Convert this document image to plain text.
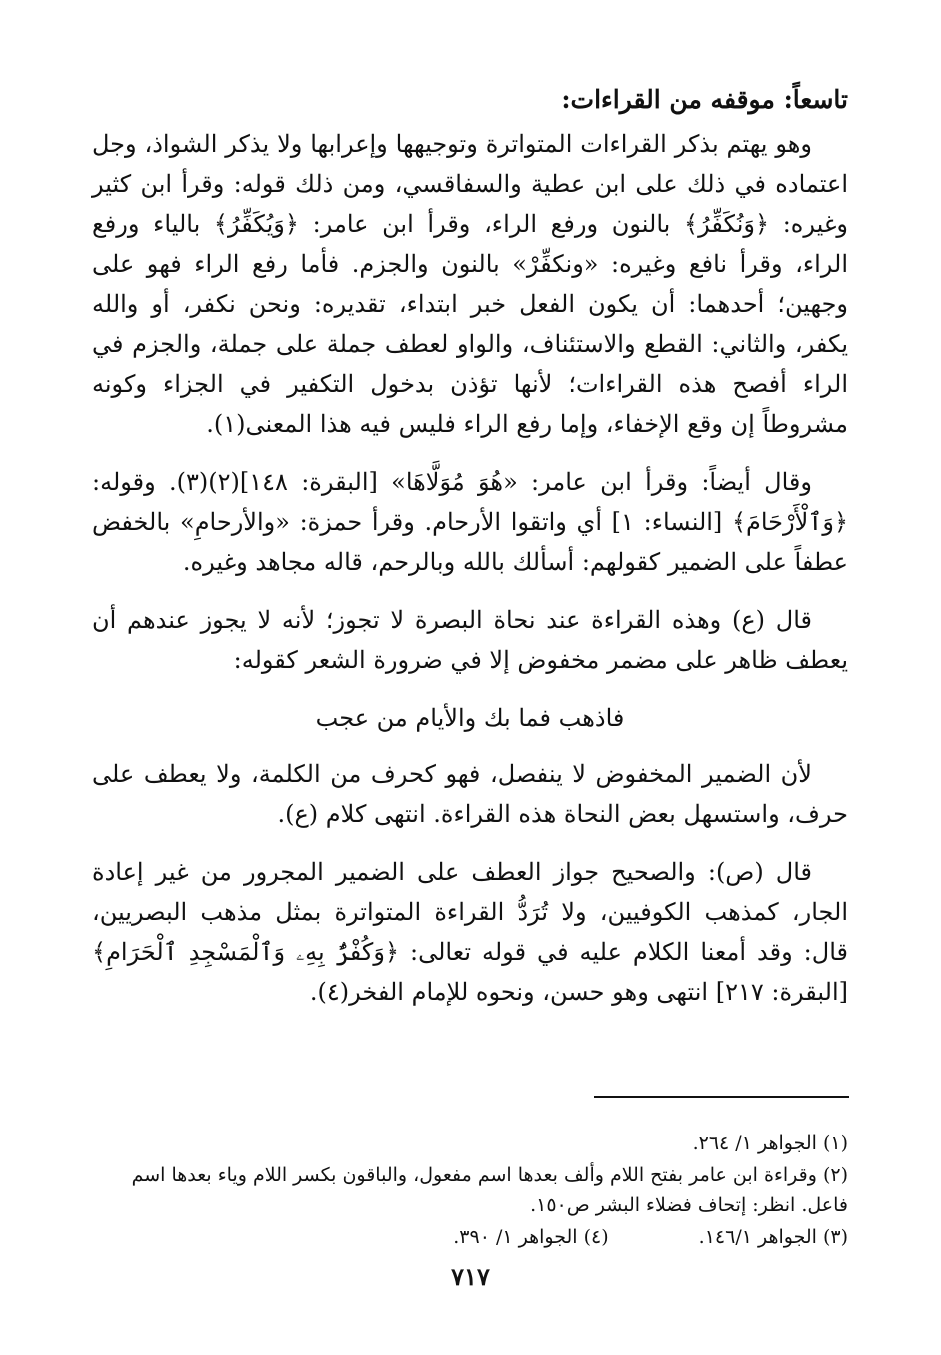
تاسعاً: موقفه من القراءات:

وهو يهتم بذكر القراءات المتواترة وتوجيهها وإعرابها ولا يذكر الشواذ، وجل اعتماده في ذلك على ابن عطية والسفاقسي، ومن ذلك قوله: وقرأ ابن كثير وغيره: ﴿وَنُكَفِّرُ﴾ بالنون ورفع الراء، وقرأ ابن عامر: ﴿وَيُكَفِّرُ﴾ بالياء ورفع الراء، وقرأ نافع وغيره: «ونكفِّرْ» بالنون والجزم. فأما رفع الراء فهو على وجهين؛ أحدهما: أن يكون الفعل خبر ابتداء، تقديره: ونحن نكفر، أو والله يكفر، والثاني: القطع والاستئناف، والواو لعطف جملة على جملة، والجزم في الراء أفصح هذه القراءات؛ لأنها تؤذن بدخول التكفير في الجزاء وكونه مشروطاً إن وقع الإخفاء، وإما رفع الراء فليس فيه هذا المعنى(١).

وقال أيضاً: وقرأ ابن عامر: «هُوَ مُوَلَّاهَا» [البقرة: ١٤٨](٢)(٣). وقوله: ﴿وَٱلْأَرْحَامَ﴾ [النساء: ١] أي واتقوا الأرحام. وقرأ حمزة: «والأرحامِ» بالخفض عطفاً على الضمير كقولهم: أسألك بالله وبالرحم، قاله مجاهد وغيره.

قال (ع) وهذه القراءة عند نحاة البصرة لا تجوز؛ لأنه لا يجوز عندهم أن يعطف ظاهر على مضمر مخفوض إلا في ضرورة الشعر كقوله:

فاذهب فما بك والأيام من عجب

لأن الضمير المخفوض لا ينفصل، فهو كحرف من الكلمة، ولا يعطف على حرف، واستسهل بعض النحاة هذه القراءة. انتهى كلام (ع).

قال (ص): والصحيح جواز العطف على الضمير المجرور من غير إعادة الجار، كمذهب الكوفيين، ولا تُرَدُّ القراءة المتواترة بمثل مذهب البصريين، قال: وقد أمعنا الكلام عليه في قوله تعالى: ﴿وَكُفْرٌۢ بِهِۦ وَٱلْمَسْجِدِ ٱلْحَرَامِ﴾ [البقرة: ٢١٧] انتهى وهو حسن، ونحوه للإمام الفخر(٤).

(١) الجواهر ١/ ٢٦٤.
(٢) وقراءة ابن عامر بفتح اللام وألف بعدها اسم مفعول، والباقون بكسر اللام وياء بعدها اسم فاعل. انظر: إتحاف فضلاء البشر ص١٥٠.
(٣) الجواهر ١٤٦/١.
(٤) الجواهر ١/ ٣٩٠.
٧١٧
